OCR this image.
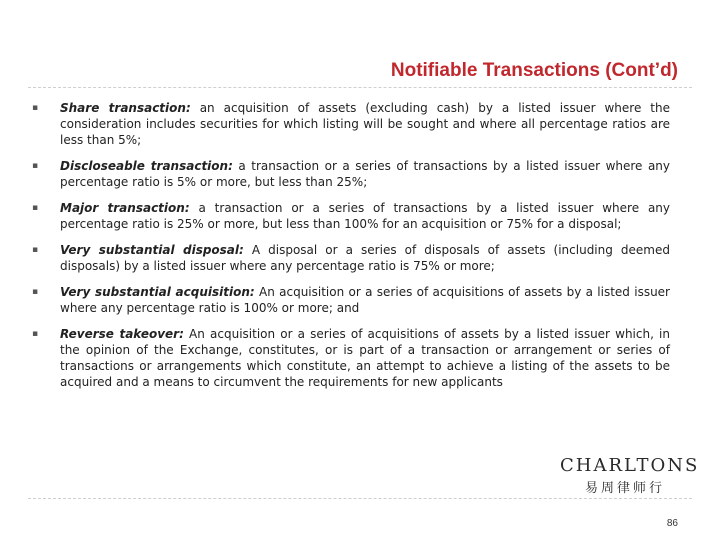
Notifiable Transactions (Cont’d)
▪ Share transaction: an acquisition of assets (excluding cash) by a listed issuer where the consideration includes securities for which listing will be sought and where all percentage ratios are less than 5%;
▪ Discloseable transaction: a transaction or a series of transactions by a listed issuer where any percentage ratio is 5% or more, but less than 25%;
▪ Major transaction: a transaction or a series of transactions by a listed issuer where any percentage ratio is 25% or more, but less than 100% for an acquisition or 75% for a disposal;
▪ Very substantial disposal: A disposal or a series of disposals of assets (including deemed disposals) by a listed issuer where any percentage ratio is 75% or more;
▪ Very substantial acquisition: An acquisition or a series of acquisitions of assets by a listed issuer where any percentage ratio is 100% or more; and
▪ Reverse takeover: An acquisition or a series of acquisitions of assets by a listed issuer which, in the opinion of the Exchange, constitutes, or is part of a transaction or arrangement or series of transactions or arrangements which constitute, an attempt to achieve a listing of the assets to be acquired and a means to circumvent the requirements for new applicants
CHARLTONS
易周律师行
86
